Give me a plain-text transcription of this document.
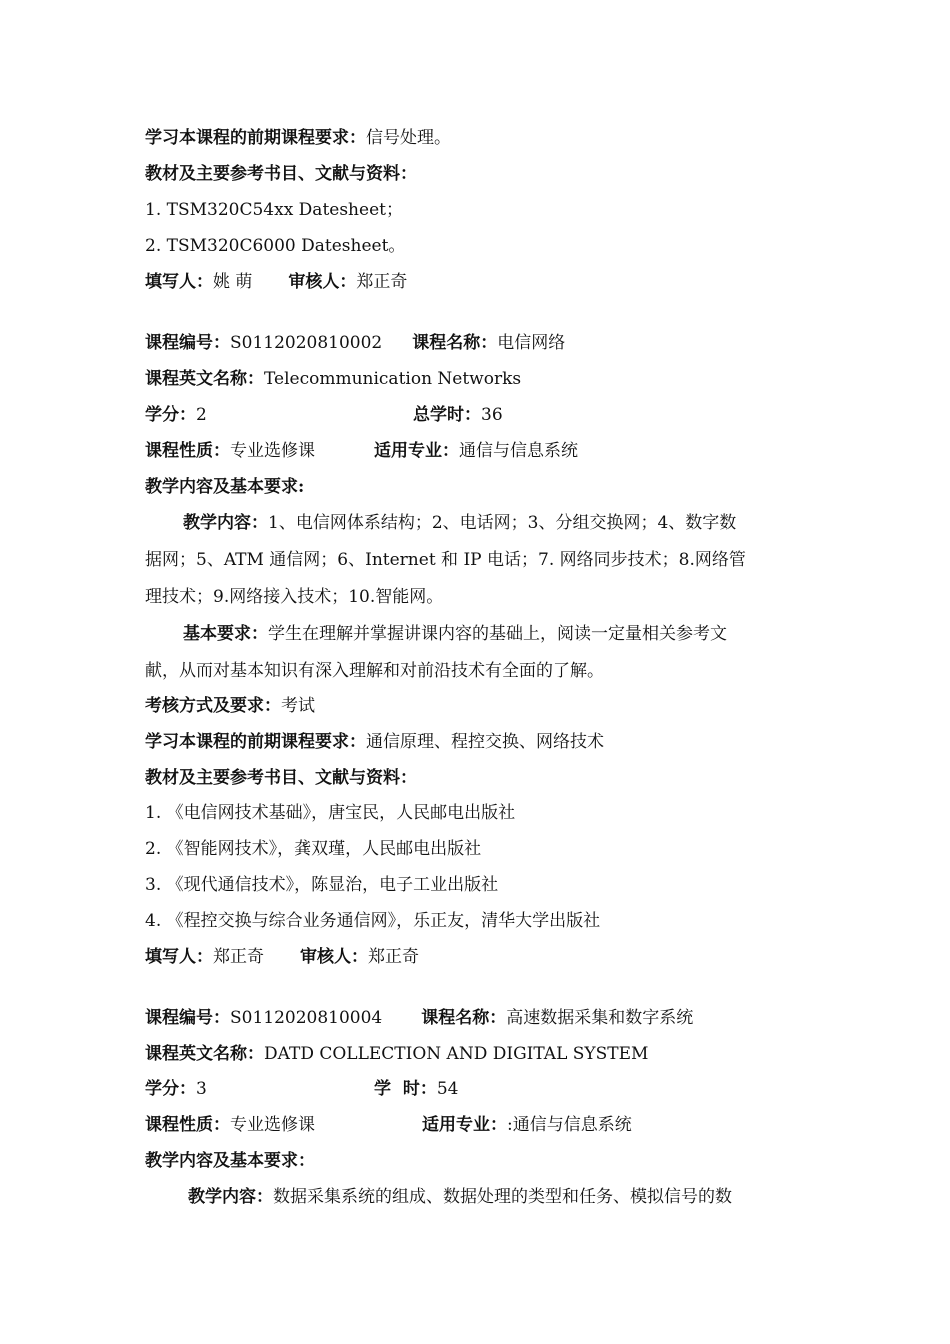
学习本课程的前期课程要求：信号处理。
教材及主要参考书目、文献与资料：
1. TSM320C54xx Datesheet；
2. TSM320C6000 Datesheet。
填写人：姚 萌 审核人：郑正奇
课程编号：S0112020810002 课程名称：电信网络
课程英文名称：Telecommunication Networks
学分：2	总学时：36
课程性质：专业选修课	适用专业：通信与信息系统
教学内容及基本要求:
教学内容：1、电信网体系结构；2、电话网；3、分组交换网；4、数字数
据网；5、ATM 通信网；6、Internet 和 IP 电话；7. 网络同步技术；8.网络管
理技术；9.网络接入技术；10.智能网。
基本要求：学生在理解并掌握讲课内容的基础上，阅读一定量相关参考文
献，从而对基本知识有深入理解和对前沿技术有全面的了解。
考核方式及要求：考试
学习本课程的前期课程要求：通信原理、程控交换、网络技术
教材及主要参考书目、文献与资料：
1. 《电信网技术基础》，唐宝民，人民邮电出版社
2. 《智能网技术》，龚双瑾，人民邮电出版社
3. 《现代通信技术》，陈显治，电子工业出版社
4. 《程控交换与综合业务通信网》，乐正友，清华大学出版社
填写人：郑正奇 审核人：郑正奇
课程编号：S0112020810004 课程名称：高速数据采集和数字系统
课程英文名称：DATD COLLECTION AND DIGITAL SYSTEM
学分：3	学  时：54
课程性质：专业选修课	适用专业：:通信与信息系统
教学内容及基本要求：
教学内容：数据采集系统的组成、数据处理的类型和任务、模拟信号的数
